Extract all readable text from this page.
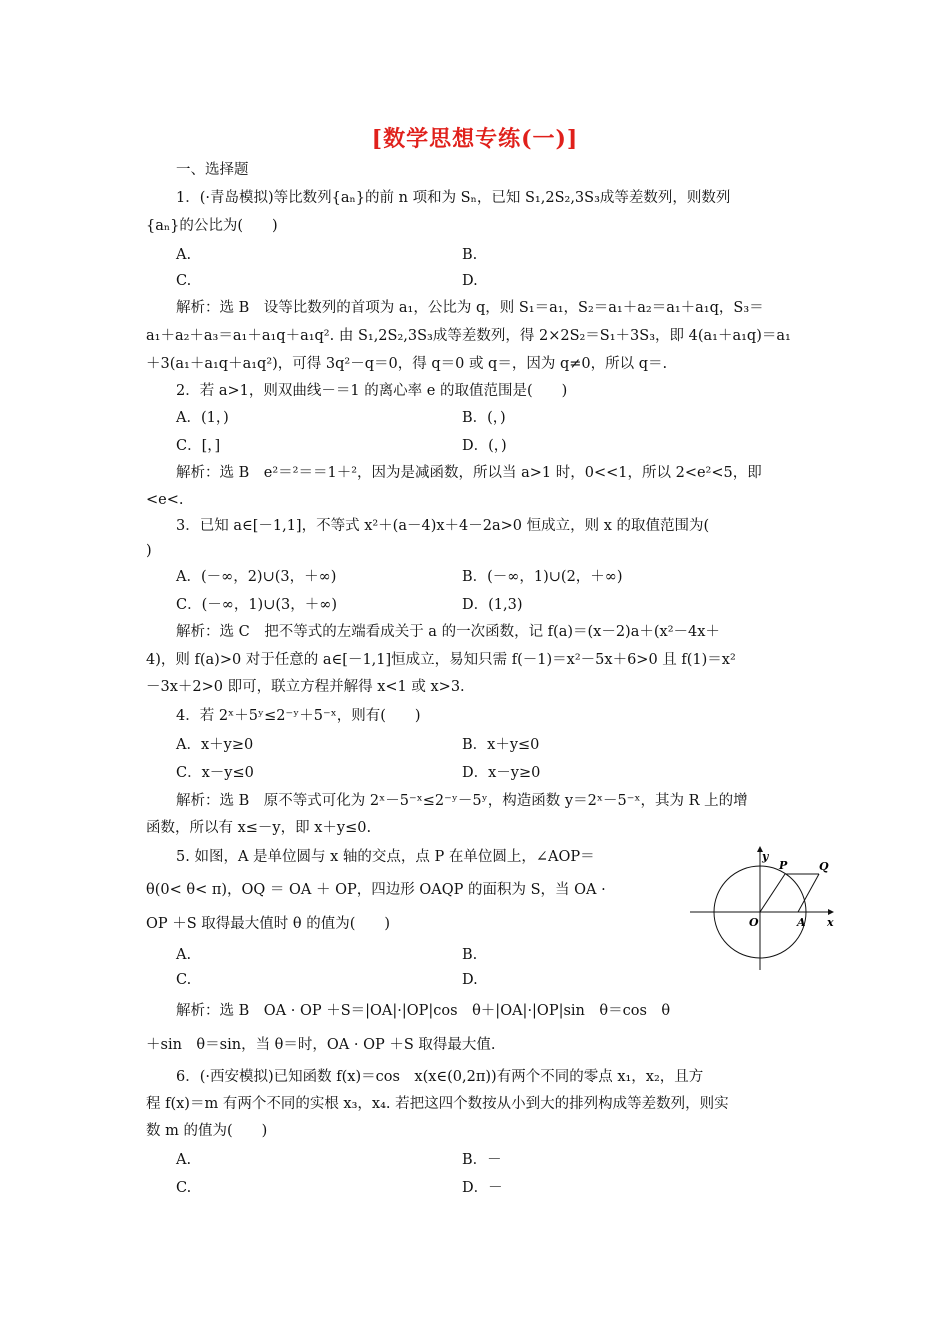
[数学思想专练(一)]
一、选择题
1．(·青岛模拟)等比数列{aₙ}的前 n 项和为 Sₙ，已知 S₁,2S₂,3S₃成等差数列，则数列
{aₙ}的公比为(　　)
A.	B.
C.	D.
解析：选 B　设等比数列的首项为 a₁，公比为 q，则 S₁＝a₁，S₂＝a₁＋a₂＝a₁＋a₁q，S₃＝
a₁＋a₂＋a₃＝a₁＋a₁q＋a₁q². 由 S₁,2S₂,3S₃成等差数列，得 2×2S₂＝S₁＋3S₃，即 4(a₁＋a₁q)＝a₁
＋3(a₁＋a₁q＋a₁q²)，可得 3q²－q＝0，得 q＝0 或 q＝，因为 q≠0，所以 q＝.
2．若 a>1，则双曲线－＝1 的离心率 e 的取值范围是(　　)
A．(1，)	B．(，)
C．[，]	D．(，)
解析：选 B　e²＝²＝＝1＋²，因为是减函数，所以当 a>1 时，0<<1，所以 2<e²<5，即
<e<.
3．已知 a∈[－1,1]，不等式 x²＋(a－4)x＋4－2a>0 恒成立，则 x 的取值范围为(
)
A．(－∞，2)∪(3，＋∞)	B．(－∞，1)∪(2，＋∞)
C．(－∞，1)∪(3，＋∞)	D．(1,3)
解析：选 C　把不等式的左端看成关于 a 的一次函数，记 f(a)＝(x－2)a＋(x²－4x＋
4)，则 f(a)>0 对于任意的 a∈[－1,1]恒成立，易知只需 f(－1)＝x²－5x＋6>0 且 f(1)＝x²
－3x＋2>0 即可，联立方程并解得 x<1 或 x>3.
4．若 2ˣ＋5ʸ≤2⁻ʸ＋5⁻ˣ，则有(　　)
A．x＋y≥0	B．x＋y≤0
C．x－y≤0	D．x－y≥0
解析：选 B　原不等式可化为 2ˣ－5⁻ˣ≤2⁻ʸ－5ʸ，构造函数 y＝2ˣ－5⁻ˣ，其为 R 上的增
函数，所以有 x≤－y，即 x＋y≤0.
5. 如图，A 是单位圆与 x 轴的交点，点 P 在单位圆上，∠AOP＝
θ(0< θ< π)，OQ ＝ OA ＋ OP，四边形 OAQP 的面积为 S，当 OA ·
OP ＋S 取得最大值时 θ 的值为(　　)
A.	B.
C.	D.
解析：选 B　OA · OP ＋S＝|OA|·|OP|cos　θ＋|OA|·|OP|sin　θ＝cos　θ
＋sin　θ＝sin，当 θ＝时，OA · OP ＋S 取得最大值.
y
x
O	A
P	Q
6．(·西安模拟)已知函数 f(x)＝cos　x(x∈(0,2π))有两个不同的零点 x₁，x₂，且方
程 f(x)＝m 有两个不同的实根 x₃，x₄. 若把这四个数按从小到大的排列构成等差数列，则实
数 m 的值为(　　)
A.	B．－
C.	D．－
